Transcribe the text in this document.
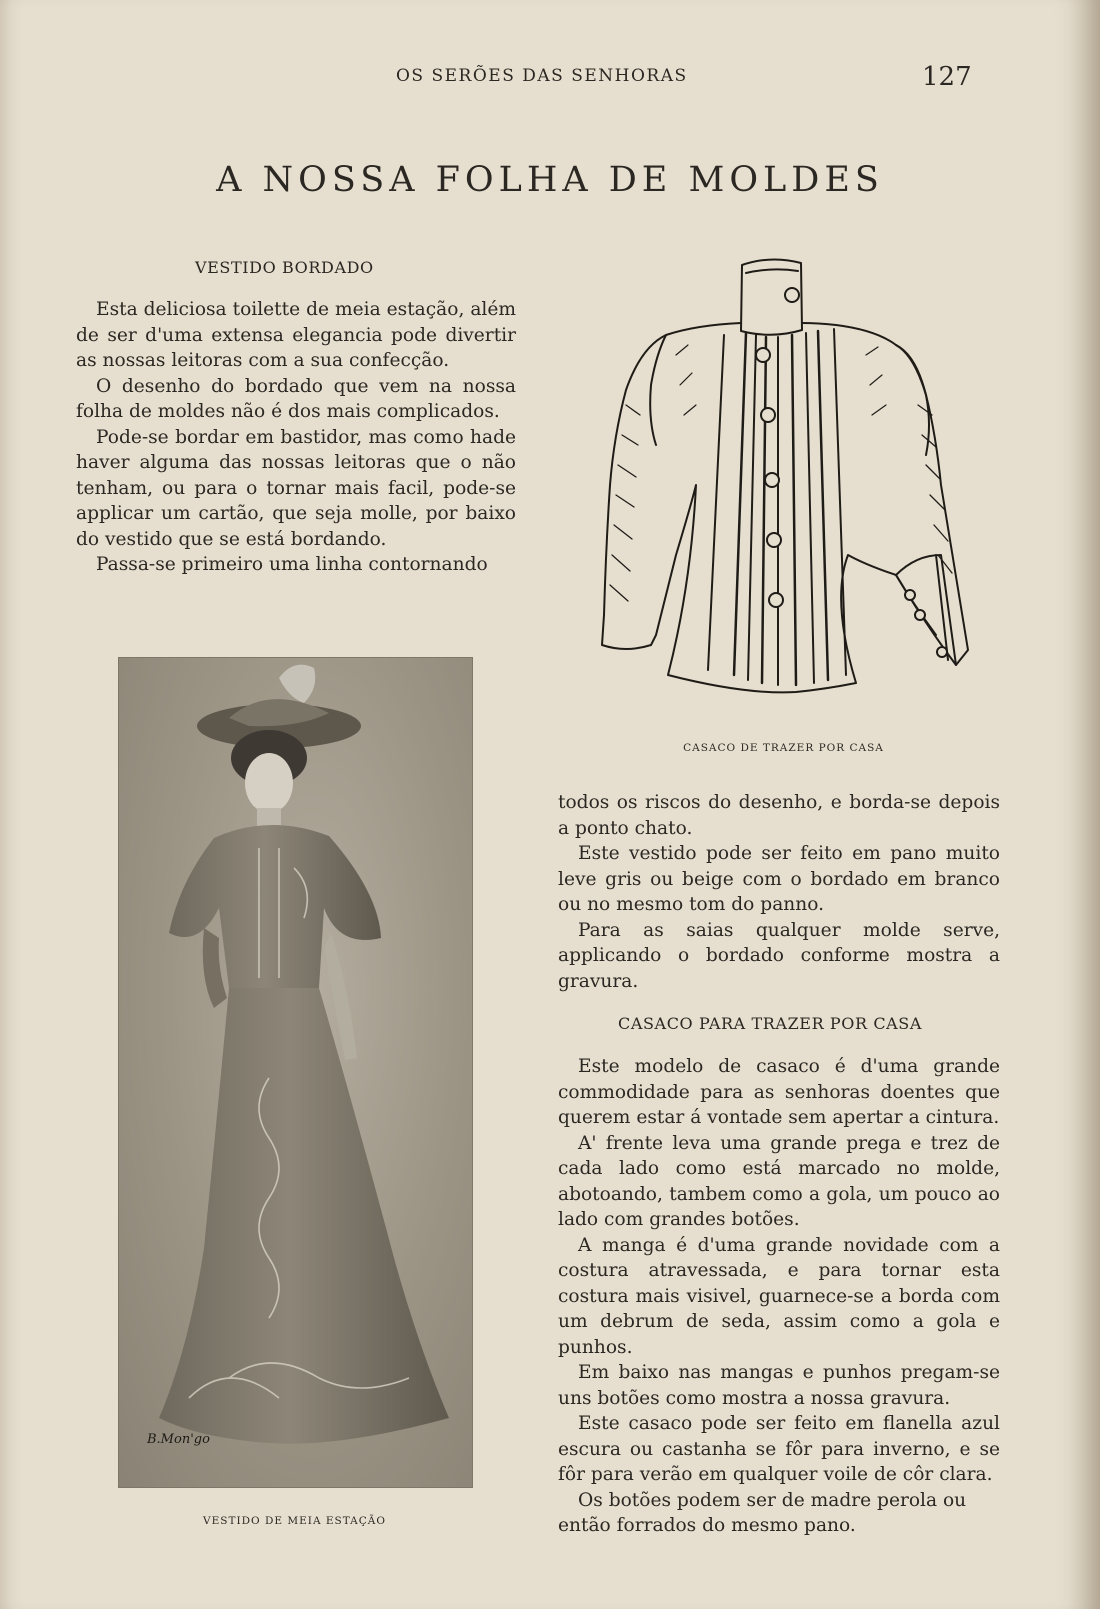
OS SERÕES DAS SENHORAS	127
A NOSSA FOLHA DE MOLDES
VESTIDO BORDADO

Esta deliciosa toilette de meia estação, além de ser d'uma extensa elegancia pode divertir as nossas leitoras com a sua confecção.

O desenho do bordado que vem na nossa folha de moldes não é dos mais complicados.

Pode-se bordar em bastidor, mas como hade haver alguma das nossas leitoras que o não tenham, ou para o tornar mais facil, pode-se applicar um cartão, que seja molle, por baixo do vestido que se está bordando.

Passa-se primeiro uma linha contornando

CASACO DE TRAZER POR CASA
B.Mon'go
VESTIDO DE MEIA ESTAÇÃO

todos os riscos do desenho, e borda-se depois a ponto chato.

Este vestido pode ser feito em pano muito leve gris ou beige com o bordado em branco ou no mesmo tom do panno.

Para as saias qualquer molde serve, applicando o bordado conforme mostra a gravura.

CASACO PARA TRAZER POR CASA

Este modelo de casaco é d'uma grande commodidade para as senhoras doentes que querem estar á vontade sem apertar a cintura.

A' frente leva uma grande prega e trez de cada lado como está marcado no molde, abotoando, tambem como a gola, um pouco ao lado com grandes botões.

A manga é d'uma grande novidade com a costura atravessada, e para tornar esta costura mais visivel, guarnece-se a borda com um debrum de seda, assim como a gola e punhos.

Em baixo nas mangas e punhos pregam-se uns botões como mostra a nossa gravura.

Este casaco pode ser feito em flanella azul escura ou castanha se fôr para inverno, e se fôr para verão em qualquer voile de côr clara.

Os botões podem ser de madre perola ou então forrados do mesmo pano.
